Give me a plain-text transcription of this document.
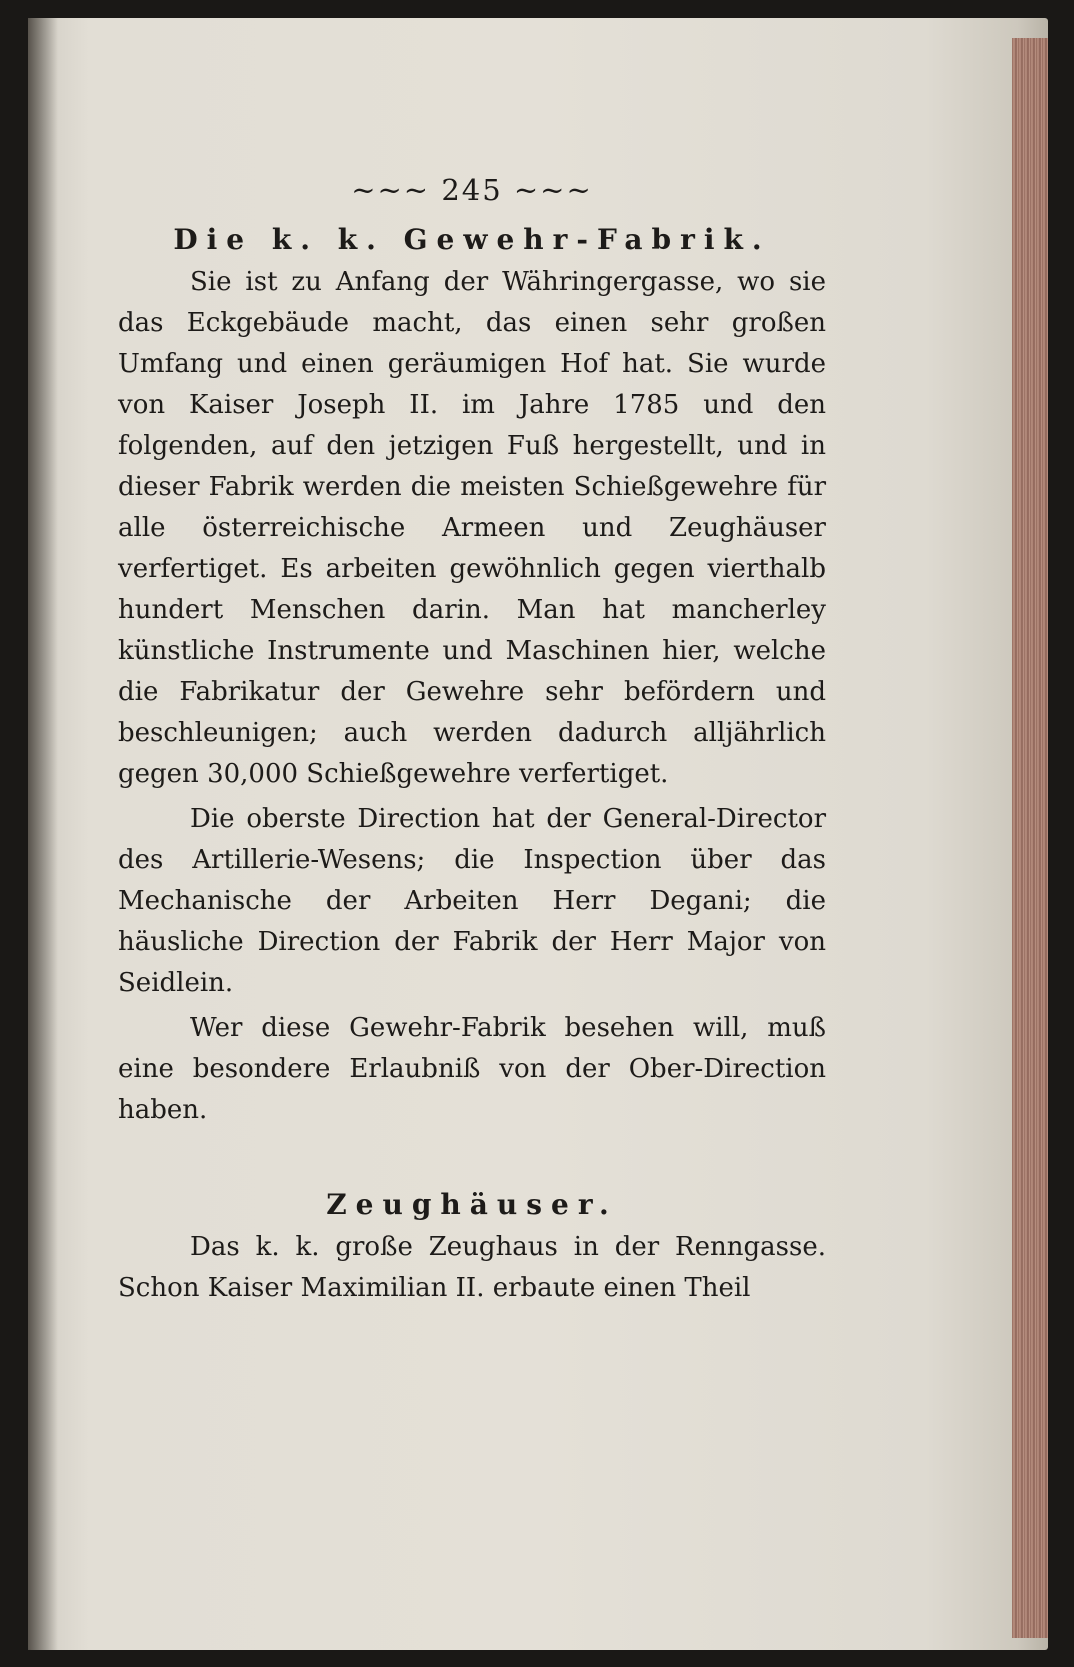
~~~ 245 ~~~
Die k. k. Gewehr-Fabrik.

Sie ist zu Anfang der Währingergasse, wo sie das Eckgebäude macht, das einen sehr großen Umfang und einen geräumigen Hof hat. Sie wurde von Kaiser Joseph II. im Jahre 1785 und den folgenden, auf den jetzigen Fuß hergestellt, und in dieser Fabrik werden die meisten Schießgewehre für alle österreichische Armeen und Zeughäuser verfertiget. Es arbeiten gewöhnlich gegen vierthalb hundert Menschen darin. Man hat mancherley künstliche Instrumente und Maschinen hier, welche die Fabrikatur der Gewehre sehr befördern und beschleunigen; auch werden dadurch alljährlich gegen 30,000 Schießgewehre verfertiget.

Die oberste Direction hat der General-Director des Artillerie-Wesens; die Inspection über das Mechanische der Arbeiten Herr Degani; die häusliche Direction der Fabrik der Herr Major von Seidlein.

Wer diese Gewehr-Fabrik besehen will, muß eine besondere Erlaubniß von der Ober-Direction haben.

Zeughäuser.

Das k. k. große Zeughaus in der Renngasse. Schon Kaiser Maximilian II. erbaute einen Theil
